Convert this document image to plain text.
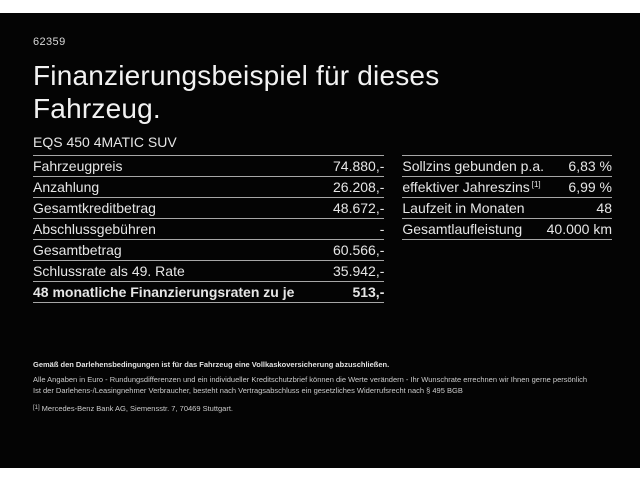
62359
Finanzierungsbeispiel für dieses Fahrzeug.
EQS 450 4MATIC SUV
Fahrzeugpreis	74.880,-
Anzahlung	26.208,-
Gesamtkreditbetrag	48.672,-
Abschlussgebühren	-
Gesamtbetrag	60.566,-
Schlussrate als 49. Rate	35.942,-
48 monatliche Finanzierungsraten zu je	513,-
Sollzins gebunden p.a. 6,83 %
effektiver Jahreszins [1] 6,99 %
Laufzeit in Monaten	48
Gesamtlaufleistung 40.000 km

Gemäß den Darlehensbedingungen ist für das Fahrzeug eine Vollkaskoversicherung abzuschließen.

Alle Angaben in Euro - Rundungsdifferenzen und ein individueller Kreditschutzbrief können die Werte verändern - Ihr Wunschrate errechnen wir Ihnen gerne persönlich

Ist der Darlehens-/Leasingnehmer Verbraucher, besteht nach Vertragsabschluss ein gesetzliches Widerrufsrecht nach § 495 BGB

[1] Mercedes-Benz Bank AG, Siemensstr. 7, 70469 Stuttgart.
